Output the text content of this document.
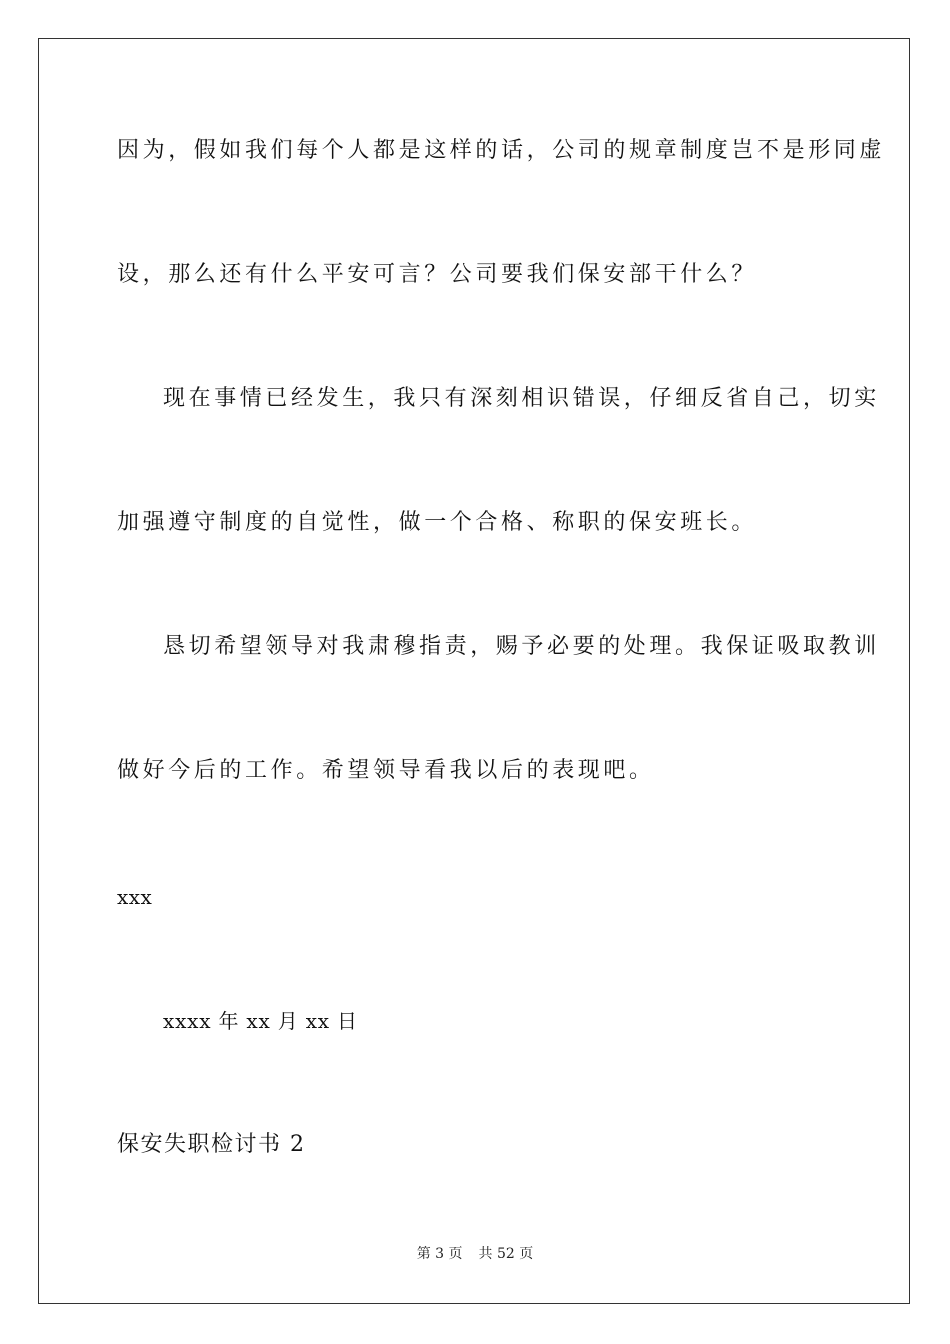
因为，假如我们每个人都是这样的话，公司的规章制度岂不是形同虚
设，那么还有什么平安可言？公司要我们保安部干什么？
现在事情已经发生，我只有深刻相识错误，仔细反省自己，切实
加强遵守制度的自觉性，做一个合格、称职的保安班长。
恳切希望领导对我肃穆指责，赐予必要的处理。我保证吸取教训
做好今后的工作。希望领导看我以后的表现吧。
xxx
xxxx 年 xx 月 xx 日
保安失职检讨书 2
第 3 页 共 52 页
